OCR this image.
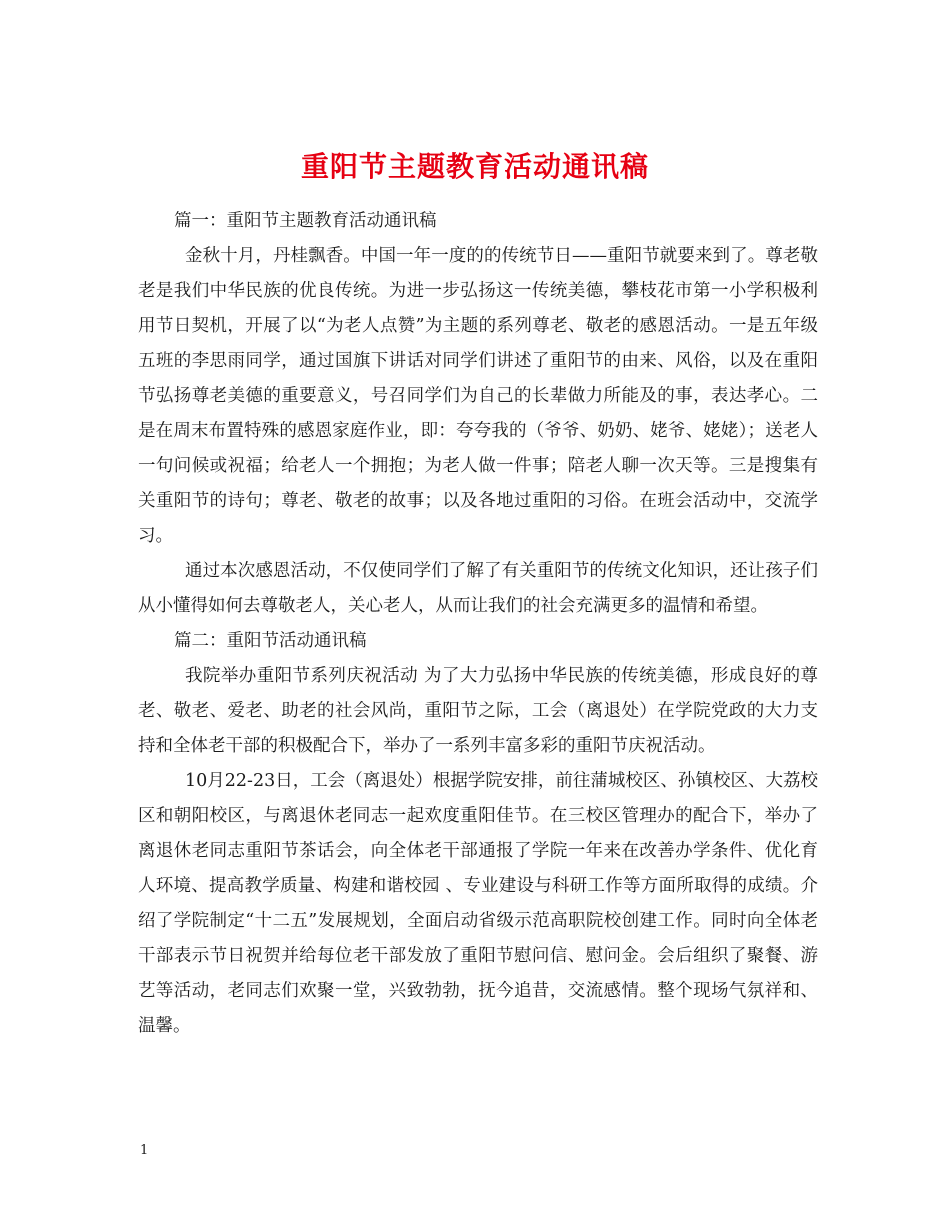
重阳节主题教育活动通讯稿

篇一：重阳节主题教育活动通讯稿

金秋十月，丹桂飘香。中国一年一度的的传统节日——重阳节就要来到了。尊老敬老是我们中华民族的优良传统。为进一步弘扬这一传统美德，攀枝花市第一小学积极利用节日契机，开展了以“为老人点赞”为主题的系列尊老、敬老的感恩活动。一是五年级五班的李思雨同学，通过国旗下讲话对同学们讲述了重阳节的由来、风俗，以及在重阳节弘扬尊老美德的重要意义，号召同学们为自己的长辈做力所能及的事，表达孝心。二是在周末布置特殊的感恩家庭作业，即：夸夸我的（爷爷、奶奶、姥爷、姥姥）；送老人一句问候或祝福；给老人一个拥抱；为老人做一件事；陪老人聊一次天等。三是搜集有关重阳节的诗句；尊老、敬老的故事；以及各地过重阳的习俗。在班会活动中，交流学习。

通过本次感恩活动，不仅使同学们了解了有关重阳节的传统文化知识，还让孩子们从小懂得如何去尊敬老人，关心老人，从而让我们的社会充满更多的温情和希望。

篇二：重阳节活动通讯稿

我院举办重阳节系列庆祝活动 为了大力弘扬中华民族的传统美德，形成良好的尊老、敬老、爱老、助老的社会风尚，重阳节之际，工会（离退处）在学院党政的大力支持和全体老干部的积极配合下，举办了一系列丰富多彩的重阳节庆祝活动。

10月22-23日，工会（离退处）根据学院安排，前往蒲城校区、孙镇校区、大荔校区和朝阳校区，与离退休老同志一起欢度重阳佳节。在三校区管理办的配合下，举办了离退休老同志重阳节茶话会，向全体老干部通报了学院一年来在改善办学条件、优化育人环境、提高教学质量、构建和谐校园 、专业建设与科研工作等方面所取得的成绩。介绍了学院制定“十二五”发展规划，全面启动省级示范高职院校创建工作。同时向全体老干部表示节日祝贺并给每位老干部发放了重阳节慰问信、慰问金。会后组织了聚餐、游艺等活动，老同志们欢聚一堂，兴致勃勃，抚今追昔，交流感情。整个现场气氛祥和、温馨。

1
